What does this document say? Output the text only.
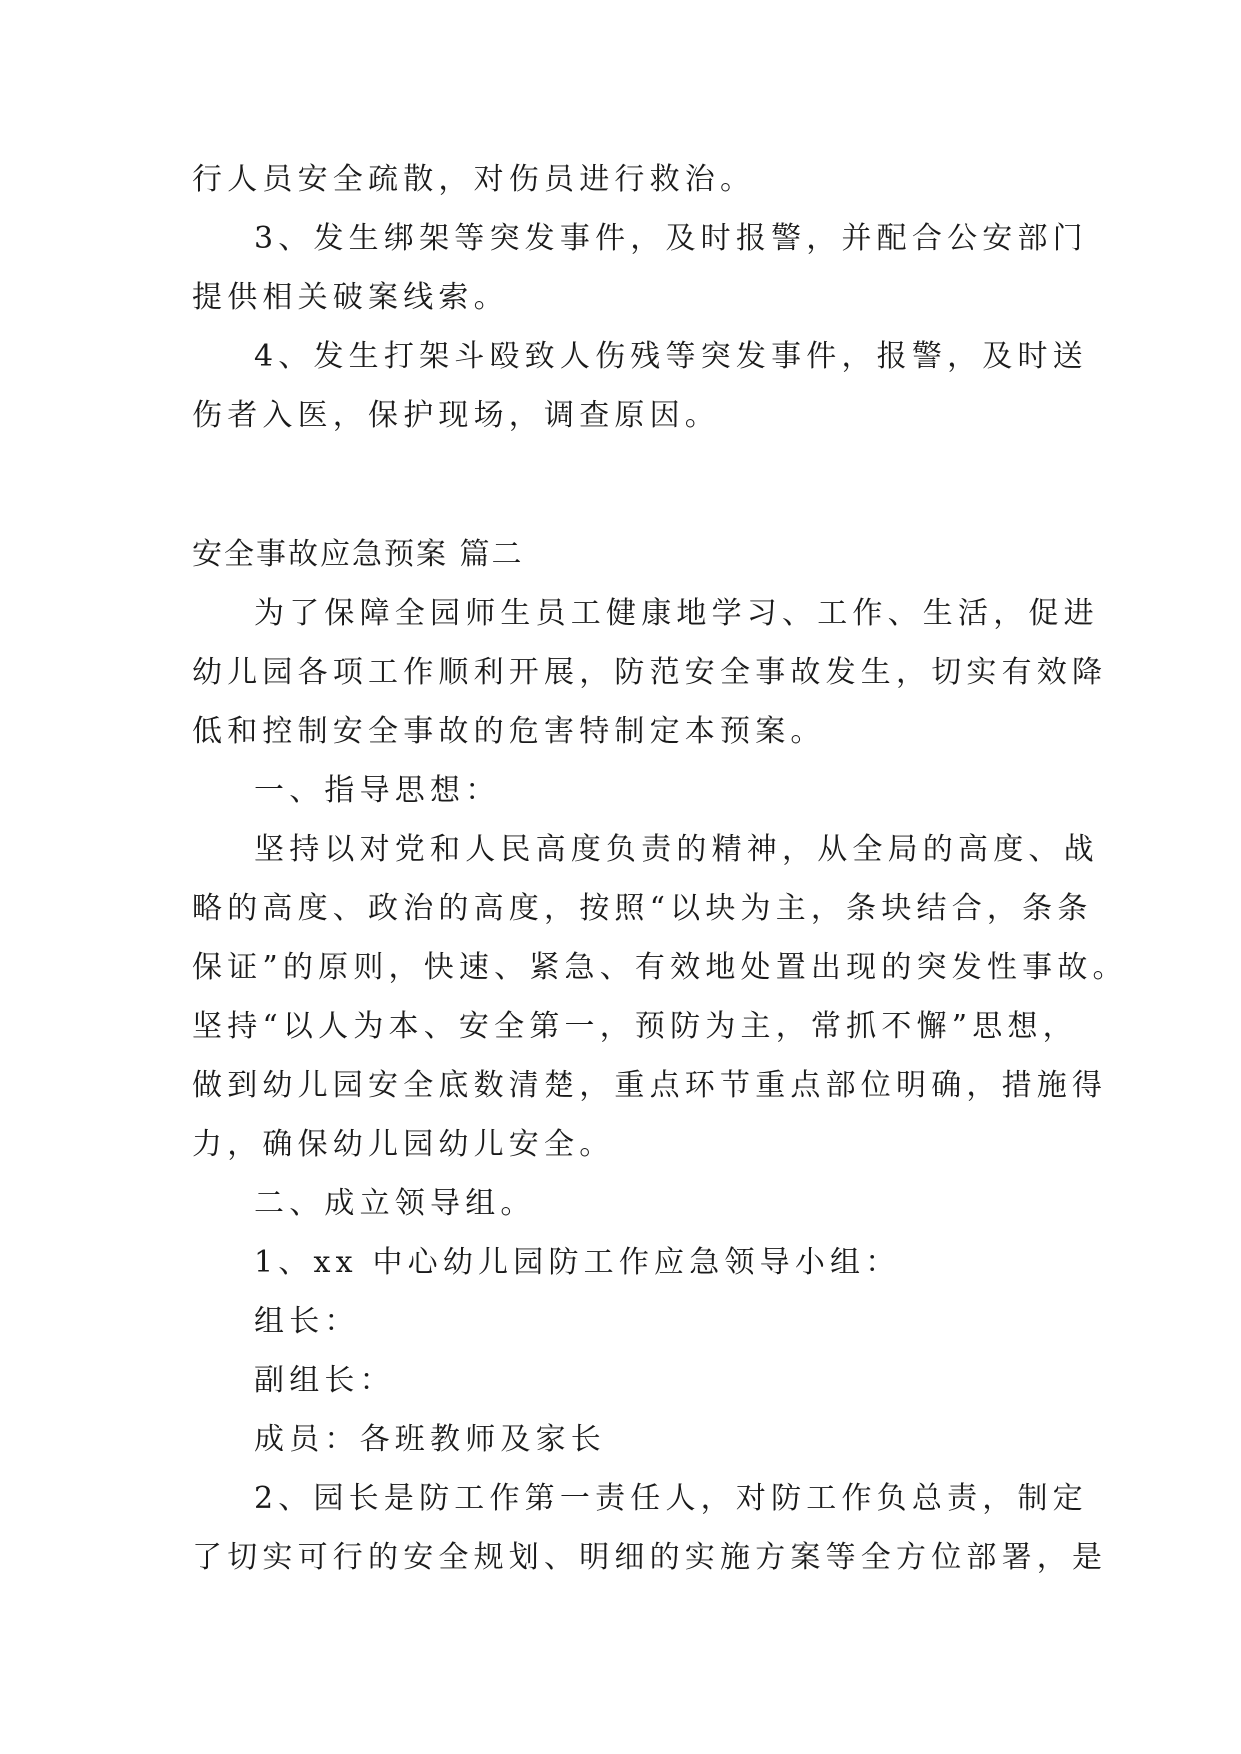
行人员安全疏散，对伤员进行救治。
3、发生绑架等突发事件，及时报警，并配合公安部门
提供相关破案线索。
4、发生打架斗殴致人伤残等突发事件，报警，及时送
伤者入医，保护现场，调查原因。
安全事故应急预案 篇二
为了保障全园师生员工健康地学习、工作、生活，促进
幼儿园各项工作顺利开展，防范安全事故发生，切实有效降
低和控制安全事故的危害特制定本预案。
一、指导思想：
坚持以对党和人民高度负责的精神，从全局的高度、战
略的高度、政治的高度，按照“以块为主，条块结合，条条
保证”的原则，快速、紧急、有效地处置出现的突发性事故。
坚持“以人为本、安全第一，预防为主，常抓不懈”思想，
做到幼儿园安全底数清楚，重点环节重点部位明确，措施得
力，确保幼儿园幼儿安全。
二、成立领导组。
1、xx 中心幼儿园防工作应急领导小组：
组长：
副组长：
成员：各班教师及家长
2、园长是防工作第一责任人，对防工作负总责，制定
了切实可行的安全规划、明细的实施方案等全方位部署，是
